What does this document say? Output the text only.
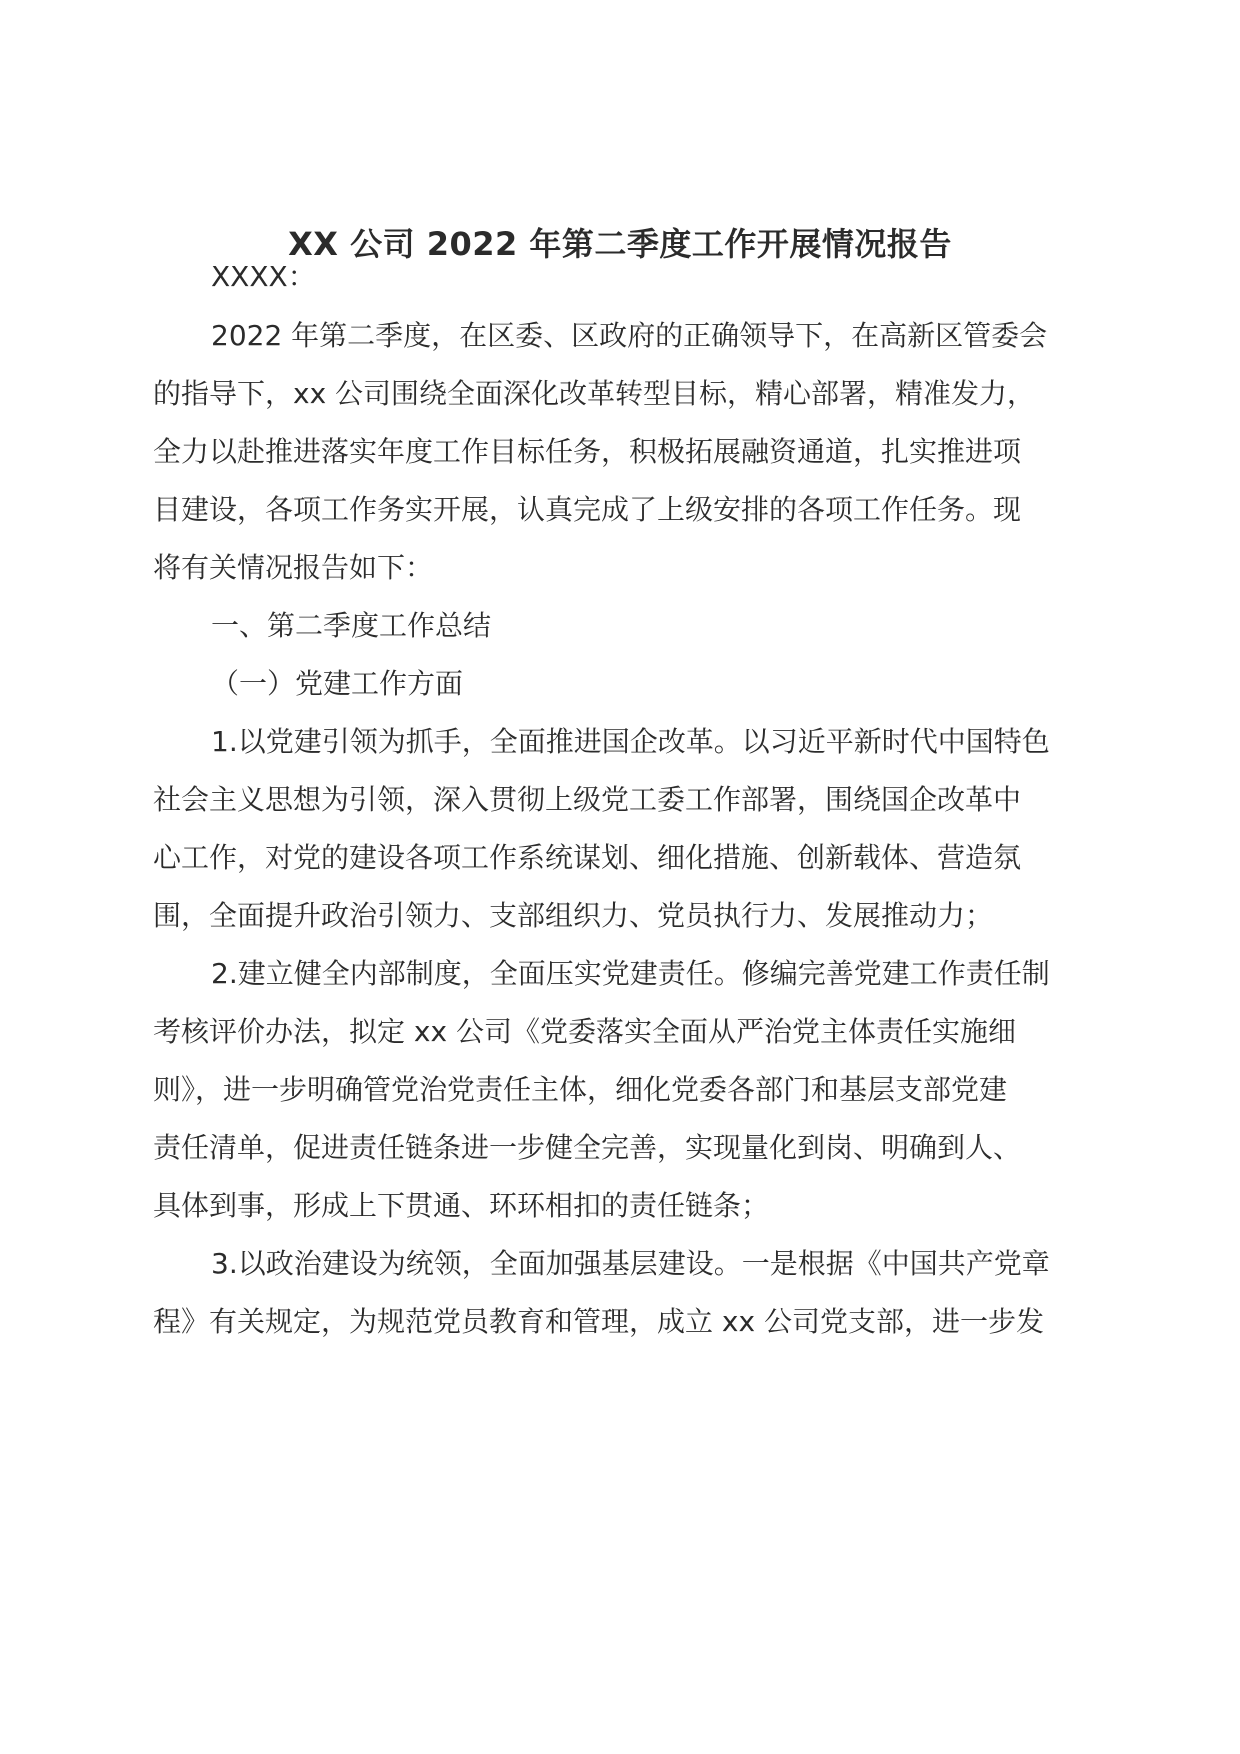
XX 公司 2022 年第二季度工作开展情况报告
XXXX：
2022 年第二季度，在区委、区政府的正确领导下，在高新区管委会
的指导下，xx 公司围绕全面深化改革转型目标，精心部署，精准发力，
全力以赴推进落实年度工作目标任务，积极拓展融资通道，扎实推进项
目建设，各项工作务实开展，认真完成了上级安排的各项工作任务。现
将有关情况报告如下：
一、第二季度工作总结
（一）党建工作方面
1.以党建引领为抓手，全面推进国企改革。以习近平新时代中国特色
社会主义思想为引领，深入贯彻上级党工委工作部署，围绕国企改革中
心工作，对党的建设各项工作系统谋划、细化措施、创新载体、营造氛
围，全面提升政治引领力、支部组织力、党员执行力、发展推动力；
2.建立健全内部制度，全面压实党建责任。修编完善党建工作责任制
考核评价办法，拟定 xx 公司《党委落实全面从严治党主体责任实施细
则》，进一步明确管党治党责任主体，细化党委各部门和基层支部党建
责任清单，促进责任链条进一步健全完善，实现量化到岗、明确到人、
具体到事，形成上下贯通、环环相扣的责任链条；
3.以政治建设为统领，全面加强基层建设。一是根据《中国共产党章
程》有关规定，为规范党员教育和管理，成立 xx 公司党支部，进一步发
